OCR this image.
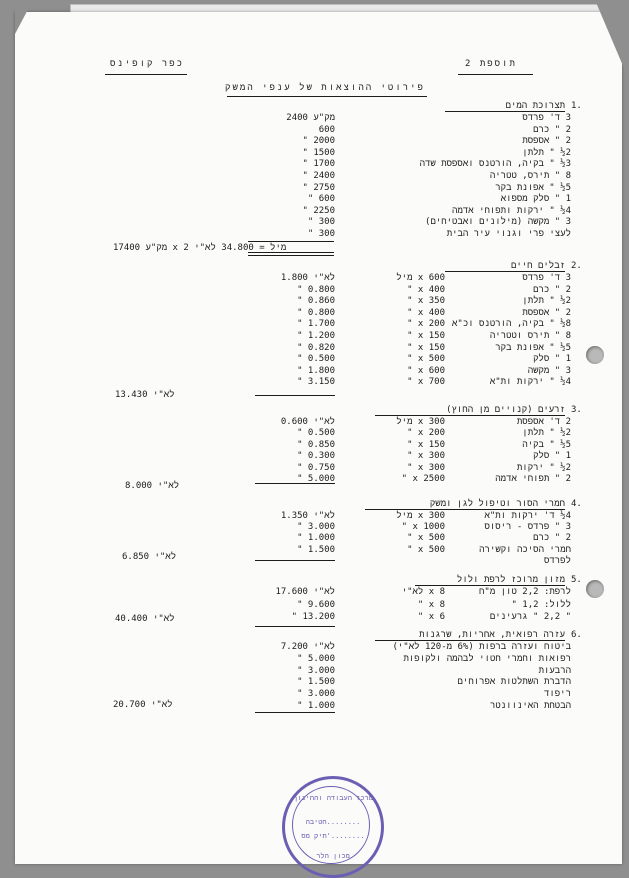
כפר קופינס	תוספת 2
פירוטי ההוצאות של ענפי המשק
1.
תצרוכת המים
3 ד' פרדס
2400 מק"ע
2 " כרם
600
2 " אספסת
" 2000
2½ " תלתן
" 1500
3½ " בקיה, הורטנס ואספסת שדה
" 1700
8 " תירס, טטריה
" 2400
5½ " אפונת בקר
" 2750
1 " סלק מספוא
" 600
4½ " ירקות ותפוחי אדמה
" 2250
3 " מקשה (מילונים ואבטיחים)
" 300
לעצי פרי וגנוי עיר הבית
" 300
17400 מק"ע x 2 מיל = 34.800 לא"י
2.
זבלים חיים
3 ד' פרדס
x 600 מיל
1.800 לא"י
2 " כרם
x 400 "
" 0.800
2½ " תלתן
x 350 "
" 0.860
2 " אספסת
x 400 "
" 0.800
8½ " בקיה, הורטנס וכ"א
x 200 "
" 1.700
8 " תירס וטטריה
x 150 "
" 1.200
5½ " אפונת בקר
x 150 "
" 0.820
1 " סלק
x 500 "
" 0.500
3 " מקשה
x 600 "
" 1.800
4½ " ירקות ות"א
x 700 "
" 3.150
13.430 לא"י
3.
זרעים (קנויים מן החוץ)
2 ד' אספסת
x 300 מיל
0.600 לא"י
2½ " תלתן
x 200 "
" 0.500
5½ " בקיה
x 150 "
" 0.850
1 " סלק
x 300 "
" 0.300
2½ " ירקות
x 300 "
" 0.750
2 " תפוחי אדמה
x 2500 "
" 5.000
8.000 לא"י
4.
חמרי הסור וטיפול לגן ומשק
4½ ד' ירקות ות"א
x 300 מיל
1.350 לא"י
3 " פרדס - ריסוס
x 1000 "
" 3.000
2 " כרם
x 500 "
" 1.000
חמרי הסיכה וקשירה
x 500 "
" 1.500
לפרדס
6.850 לא"י
5.
מזון מרוכז לרפת ולול
לרפת: 2,2 טון מ"ח
x 8 לא"י
17.600 לא"י
ללול: 1,2 "
x 8 "
" 9.600
" 2,2 " גרעינים
x 6 "
" 13.200
40.400 לא"י
6.
עזרה רפואית, אחריות, שרגנות
ביטוח ועזרה ברפות (6% מ-120 לא"י)
7.200 לא"י
רפואות וחמרי חטוי לבהמה ולקופות
" 5.000
הרבעות
" 3.000
הדברת השתלטות אפרוחים
" 1.500
ריפוד
" 3.000
הבטחת האינוונטר
" 1.000
20.700 לא"י
מרכז העבודה והחינוך
חטיבה........
תיק מס'........
מכון הלר
